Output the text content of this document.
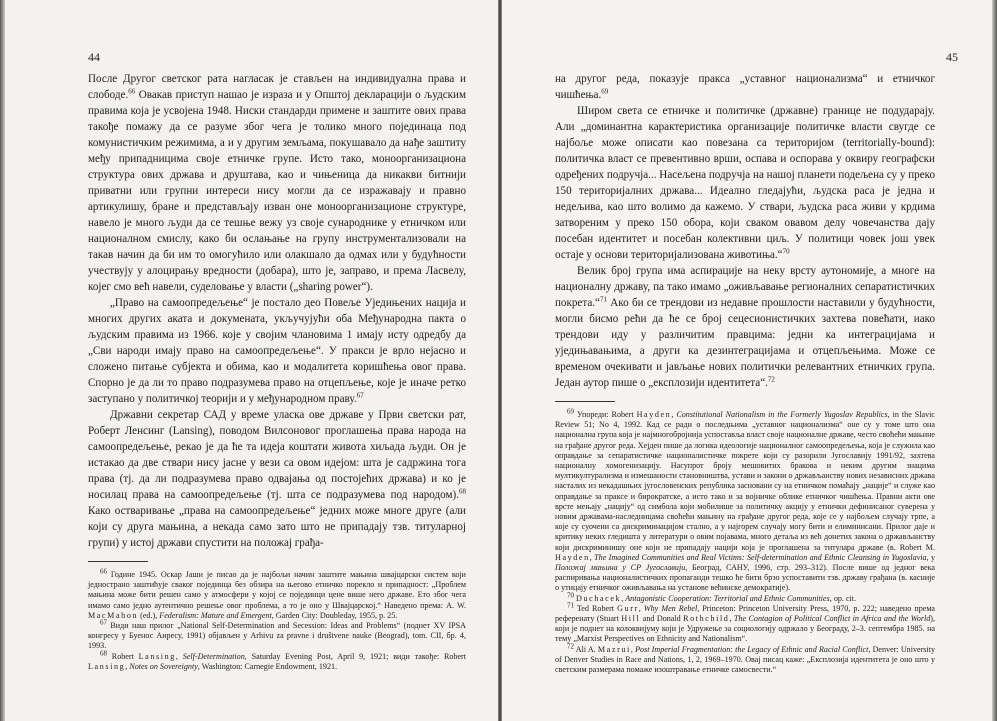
44

После Другог светског рата нагласак је стављен на индивидуална права и слободе.$^{66}$ Овакав приступ нашао је израза и у Општој декларацији о људским правима која је усвојена 1948. Ниски стандарди примене и заштите ових права такође помажу да се разуме због чега је толико много појединаца под комунистичким режимима, а и у другим земљама, покушавало да нађе заштиту међу припадницима своје етничке групе. Исто тако, моноорганизациона структура ових држава и друштава, као и чињеница да никакви битнији приватни или групни интереси нису могли да се изражавају и правно артикулишу, бране и представљају изван оне моноорганизационе структуре, навело је много људи да се тешње вежу уз своје сународнике у етничком или националном смислу, како би ослањање на групу инструментализовали на такав начин да би им то омогућило или олакшало да одмах или у будућности учествују у алоцирању вредности (добара), што је, заправо, и према Ласвелу, којег смо већ навели, суделовање у власти („sharing power“).

„Право на самоопредељење“ је постало део Повеље Уједињених нација и многих других аката и докумената, укључујући оба Међународна пакта о људским правима из 1966. које у својим члановима 1 имају исту одредбу да „Сви народи имају право на самоопредељење“. У пракси је врло нејасно и сложено питање субјекта и обима, као и модалитета коришћења овог права. Спорно је да ли то право подразумева право на отцепљење, које је иначе ретко заступано у политичкој теорији и у међународном праву.$^{67}$

Државни секретар САД у време уласка ове државе у Први светски рат, Роберт Ленсинг (Lansing), поводом Вилсоновог проглашења права народа на самоопредељење, рекао је да ће та идеја коштати живота хиљада људи. Он је истакао да две ствари нису јасне у вези са овом идејом: шта је садржина тога права (тј. да ли подразумева право одвајања од постојећих држава) и ко је носилац права на самоопредељење (тј. шта се подразумева под народом).$^{68}$ Како остваривање „права на самоопредељење“ једних може многе друге (али који су друга мањина, а некада само зато што не припадају тзв. титуларној групи) у истој држави спустити на положај грађа-

$^{66}$ Године 1945. Оскар Јаши је писао да је најбољи начин заштите мањина швајцарски систем који једнострано заштићује сваког појединца без обзира на његово етничко порекло и припадност: „Проблем мањина може бити решен само у атмосфери у којој се појединци цене више него државе. Ето због чега имамо само једно аутентично решење овог проблема, а то је оно у Швајцарској.“ Наведено према: A. W. MacMahon (ed.), Federalism: Mature and Emergent, Garden City: Doubleday, 1955, p. 25.

$^{67}$ Види наш прилог „National Self-Determination and Secession: Ideas and Problems“ (поднет XV IPSA конгресу у Буенос Аиресу, 1991) објављен у Arhivu za pravne i društvene nauke (Beograd), tom. CII, бр. 4, 1993.

$^{68}$ Robert Lansing, Self-Determination, Saturday Evening Post, April 9, 1921; види такође: Robert Lansing, Notes on Sovereignty, Washington: Carnegie Endowment, 1921.

45

на другог реда, показује пракса „уставног национализма“ и етничког чишћења.$^{69}$

Широм света се етничке и политичке (државне) границе не подударају. Али „доминантна карактеристика организације политичке власти свугде се најбоље може описати као повезана са територијом (territorially-bound): политичка власт се превентивно врши, оспава и оспорава у оквиру географски одређених подручја... Насељена подручја на нашој планети подељена су у преко 150 територијалних држава... Идеално гледајући, људска раса је једна и недељива, као што волимо да кажемо. У ствари, људска раса живи у крдима затвореним у преко 150 обора, који сваком овавом делу човечанства дају посебан идентитет и посебан колективни циљ. У политици човек још увек остаје у основи територијализована животиња.“$^{70}$

Велик број група има аспирације на неку врсту аутономије, а многе на националну државу, па тако имамо „оживљавање регионалних сепаратистичких покрета.“$^{71}$ Ако би се трендови из недавне прошлости наставили у будућности, могли бисмо рећи да ће се број сецесионистичких захтева повећати, иако трендови иду у различитим правцима: једни ка интеграцијама и уједињавањима, а други ка дезинтеграцијама и отцепљењима. Може се временом очекивати и јављање нових политички релевантних етничких група. Један аутор пише о „експлозији идентитета“.$^{72}$

$^{69}$ Упореди: Robert Hayden, Constitutional Nationalism in the Formerly Yugoslav Republics, in the Slavic Review 51; No 4, 1992. Кад се ради о последњима „уставног национализма“ оне су у томе што она национална група која је најмногобројнија успоставља власт своје националне државе, често своћећи мањине на грађане другог реда. Хејден пише да логика идеологије националног самоопредељења, која је служила као оправдање за сепаратистичке националистичке покрете који су разорили Југославију 1991/92, захтева националну хомогенизацију. Насупрот броју мешовитих бракова и неким другим знацима мултикултурализма и измешаности становништва, устави и закони о држављанству нових независних држава насталих из некадашњих југословенских република засновани су на етничком помаћају „нације“ и служе као оправдање за праксе и бирократске, а исто тако и за војничке облике етничког чишћења. Правни акти ове врсте мењају „нацију“ од симбола који мобилише за политичку акцију у етнички дефинисаног суверена у новим државама-наследницама своћећи мањину на грађане другог реда, које се у најбољем случају трпе, а које су суочени са дискриминацијом стално, а у најгорем случају могу бити и елиминисани. Прилог даје и критику неких гледишта у литератури о овим појавама, много детаља из већ донетих закона о држављанству који дискриминишу оне који не припадају нацији која је проглашена за титулара државе (в. Robert M. Hayden, The Imagined Communities and Real Victims: Self-determination and Ethnic Cleansing in Yugoslavia, у Положај мањина у СР Југославији, Београд, САНУ, 1996, стр. 293–312). После више од једног века распиривања националистичких пропаганди тешко ће бити брзо успоставити тзв. државу грађана (в. касније о утицају етничког оживљавања на установе већинске демократије).

$^{70}$ Duchacek, Antagonistic Cooperation: Territorial and Ethnic Communities, op. cit.

$^{71}$ Ted Robert Gurr, Why Men Rebel, Princeton: Princeton University Press, 1970, p. 222; наведено према референату (Stuart Hill and Donald Rothchild, The Contagion of Political Conflict in Africa and the World), који је поднет на колоквијуму који је Удружење за социологију одржало у Београду, 2–3. септембра 1985. на тему „Marxist Perspectives on Ethnicity and Nationalism“.

$^{72}$ Ali A. Mazrui, Post Imperial Fragmentation: the Legacy of Ethnic and Racial Conflict, Denver: University of Denver Studies in Race and Nations, 1, 2, 1969–1970. Овај писац каже: „Експлозија идентитета је оно што у светским размерама помаже изоштравање етничке самосвести.“
